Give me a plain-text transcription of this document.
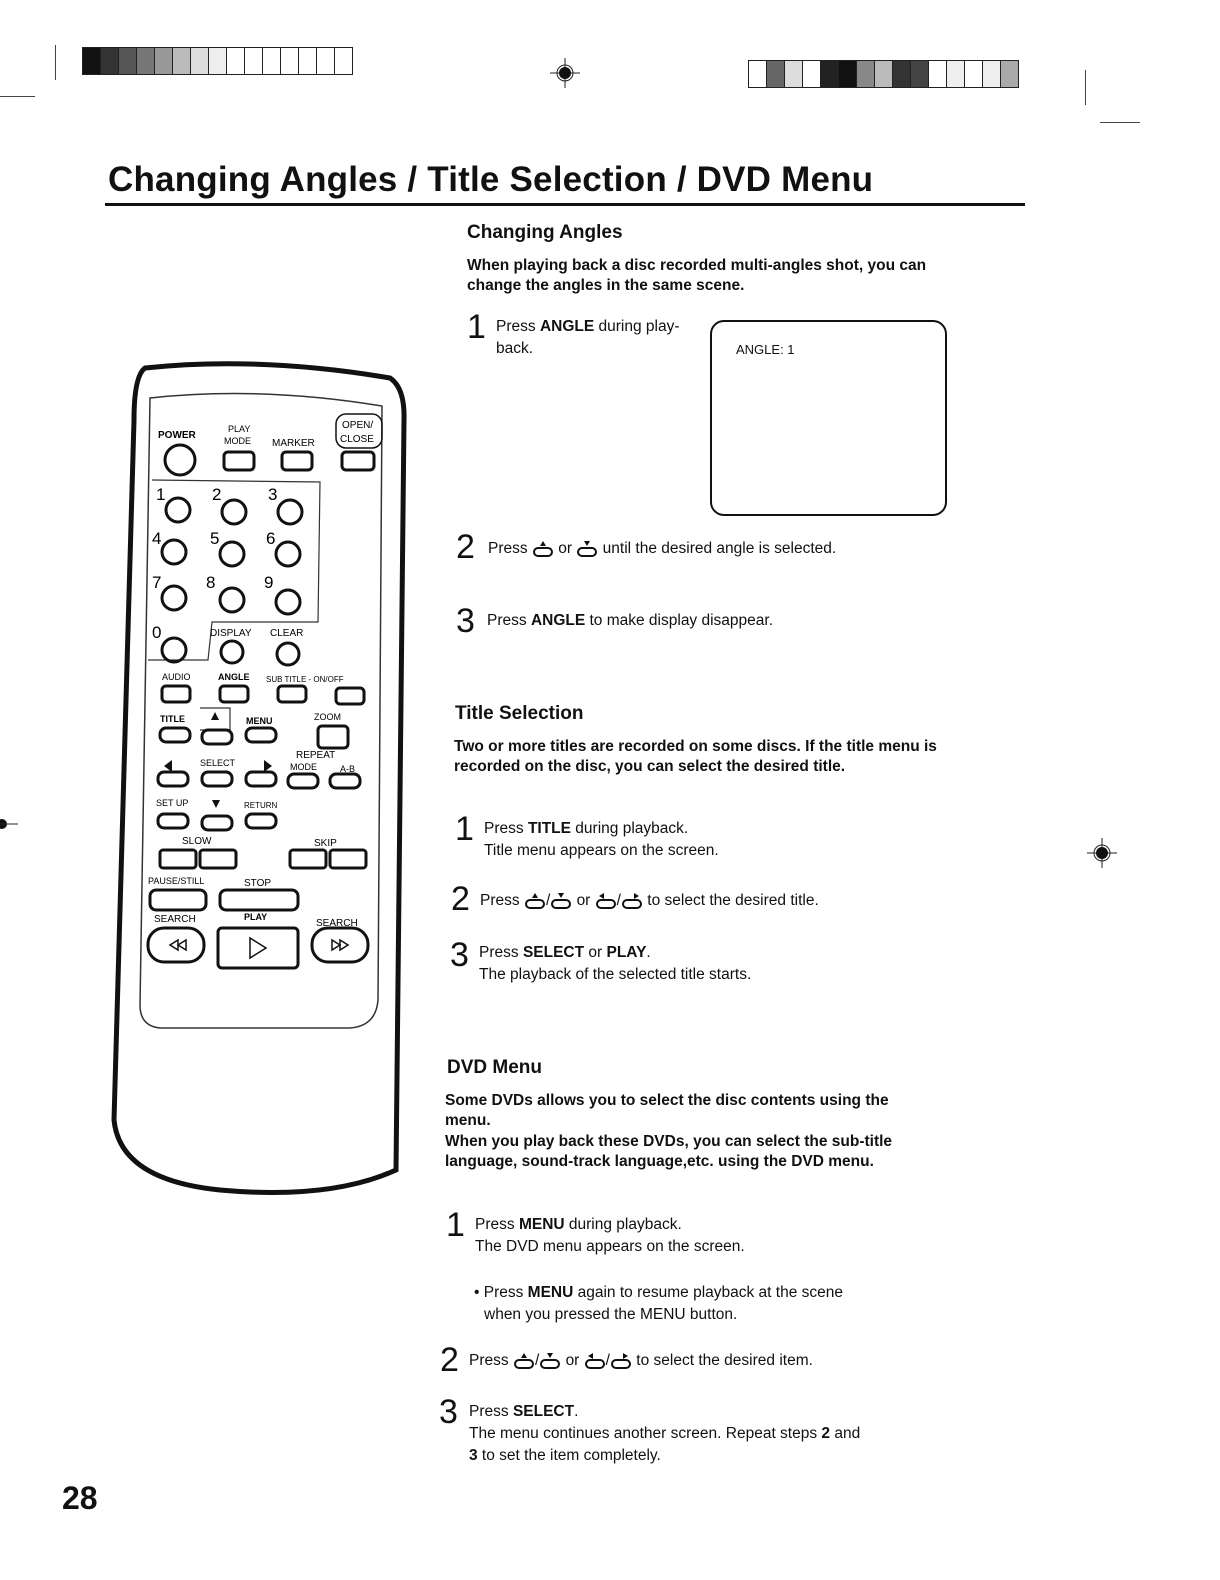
Changing Angles / Title Selection / DVD Menu
Changing Angles
When playing back a disc recorded multi-angles shot, you can change the angles in the same scene.
1 Press ANGLE during play-
back.	ANGLE: 1
2 Press or until the desired angle is selected.
3 Press ANGLE to make display disappear.
Title Selection
Two or more titles are recorded on some discs. If the title menu is recorded on the disc, you can select the desired title.
1 Press TITLE during playback.
Title menu appears on the screen.
2 Press / or / to select the desired title.
3 Press SELECT or PLAY.
The playback of the selected title starts.
DVD Menu
Some DVDs allows you to select the disc contents using the menu.
When you play back these DVDs, you can select the sub-title language, sound-track language,etc. using the DVD menu.
1 Press MENU during playback.
The DVD menu appears on the screen.
• Press MENU again to resume playback at the scene
when you pressed the MENU button.
2 Press / or / to select the desired item.
3 Press SELECT.
The menu continues another screen. Repeat steps 2 and
3 to set the item completely.
28
POWER
PLAY
MODE MARKER
OPEN/
CLOSE
1	2	3
4	5	6
7	8	9
0	DISPLAY CLEAR
AUDIO	ANGLE SUB TITLE - ON/OFF
TITLE	MENU	ZOOM
SELECT
REPEAT
MODE	A-B
SET UP	RETURN
SLOW	SKIP
PAUSE/STILL	STOP
SEARCH	PLAY
SEARCH
